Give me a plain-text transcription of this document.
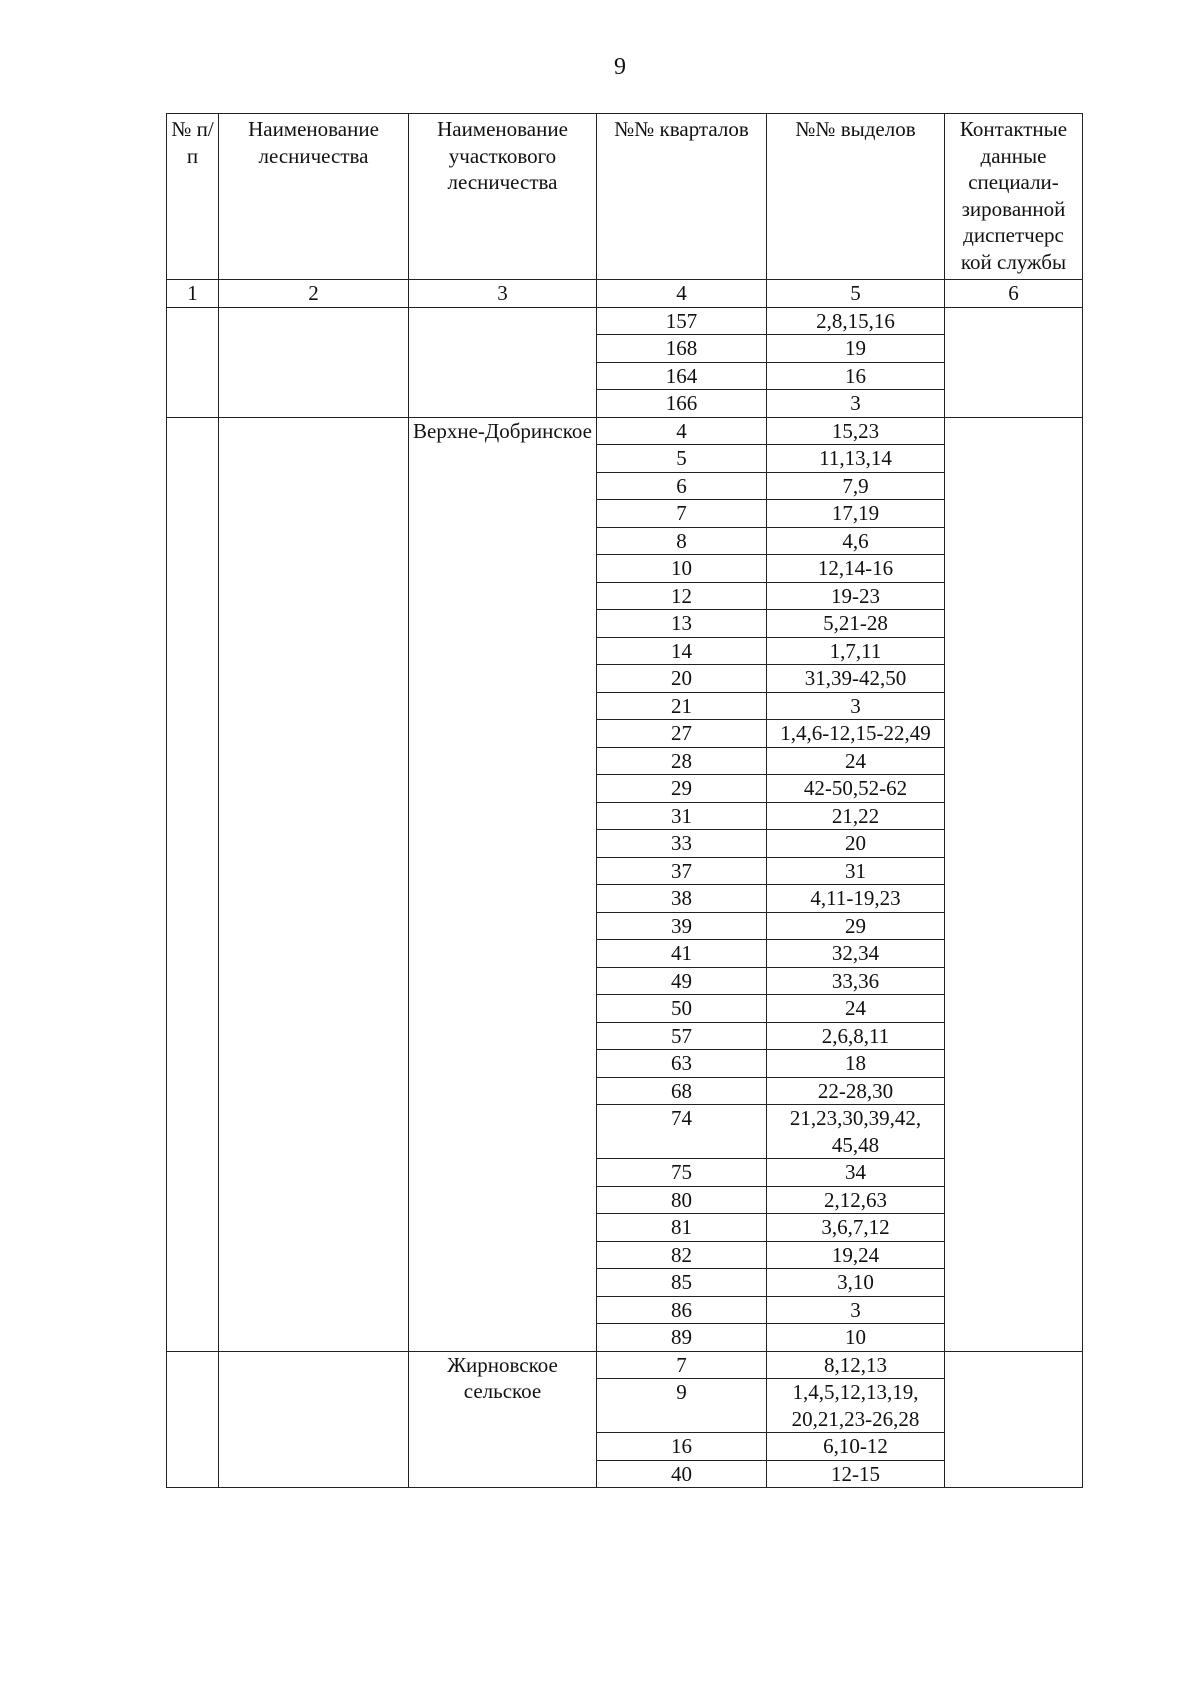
9
№ п/п	Наименование лесничества	Наименование участкового лесничества	№№ кварталов	№№ выделов	Контактные данные специали-зированной диспетчерс кой службы
1	2	3	4	5	6
			157	2,8,15,16	
			168	19	
			164	16	
			166	3	
		Верхне-Добринское	4	15,23	
			5	11,13,14	
			6	7,9	
			7	17,19	
			8	4,6	
			10	12,14-16	
			12	19-23	
			13	5,21-28	
			14	1,7,11	
			20	31,39-42,50	
			21	3	
			27	1,4,6-12,15-22,49	
			28	24	
			29	42-50,52-62	
			31	21,22	
			33	20	
			37	31	
			38	4,11-19,23	
			39	29	
			41	32,34	
			49	33,36	
			50	24	
			57	2,6,8,11	
			63	18	
			68	22-28,30	
			74	21,23,30,39,42, 45,48	
			75	34	
			80	2,12,63	
			81	3,6,7,12	
			82	19,24	
			85	3,10	
			86	3	
			89	10	
		Жирновское сельское	7	8,12,13	
			9	1,4,5,12,13,19, 20,21,23-26,28	
			16	6,10-12	
			40	12-15	
